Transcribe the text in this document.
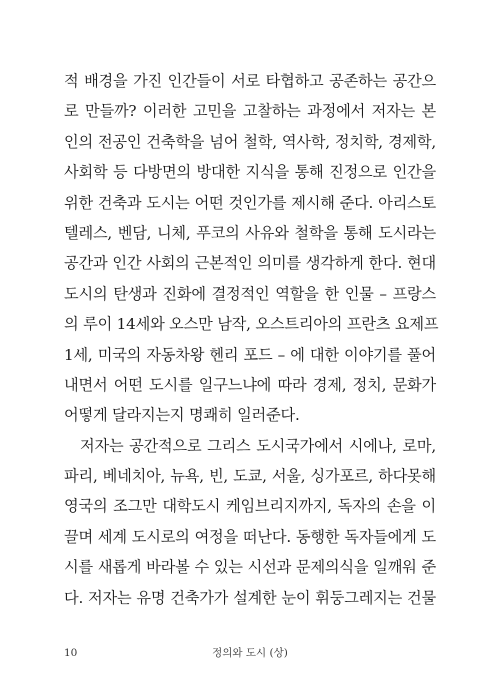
적 배경을 가진 인간들이 서로 타협하고 공존하는 공간으
로 만들까? 이러한 고민을 고찰하는 과정에서 저자는 본
인의 전공인 건축학을 넘어 철학, 역사학, 정치학, 경제학,
사회학 등 다방면의 방대한 지식을 통해 진정으로 인간을
위한 건축과 도시는 어떤 것인가를 제시해 준다. 아리스토
텔레스, 벤담, 니체, 푸코의 사유와 철학을 통해 도시라는
공간과 인간 사회의 근본적인 의미를 생각하게 한다. 현대
도시의 탄생과 진화에 결정적인 역할을 한 인물 – 프랑스
의 루이 14세와 오스만 남작, 오스트리아의 프란츠 요제프
1세, 미국의 자동차왕 헨리 포드 – 에 대한 이야기를 풀어
내면서 어떤 도시를 일구느냐에 따라 경제, 정치, 문화가
어떻게 달라지는지 명쾌히 일러준다.
저자는 공간적으로 그리스 도시국가에서 시에나, 로마,
파리, 베네치아, 뉴욕, 빈, 도쿄, 서울, 싱가포르, 하다못해
영국의 조그만 대학도시 케임브리지까지, 독자의 손을 이
끌며 세계 도시로의 여정을 떠난다. 동행한 독자들에게 도
시를 새롭게 바라볼 수 있는 시선과 문제의식을 일깨워 준
다. 저자는 유명 건축가가 설계한 눈이 휘둥그레지는 건물
10	정의와 도시 (상)
